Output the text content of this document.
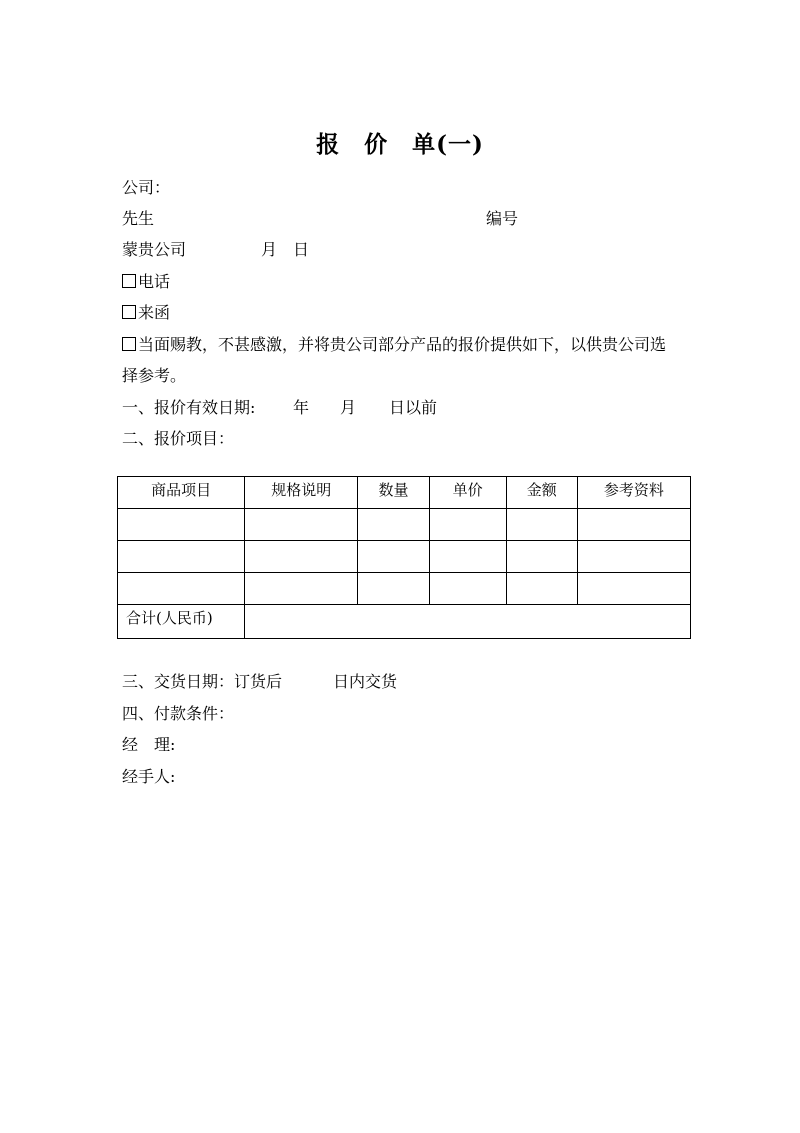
报 价 单(一)
公司：
先生	编号
蒙贵公司	月 日
电话
来函
当面赐教，不甚感激，并将贵公司部分产品的报价提供如下，以供贵公司选
择参考。
一、报价有效日期: 年 月 日以前
二、报价项目：
商品项目	规格说明	数量	单价	金额	参考资料

合计(人民币)					
三、交货日期：订货后	日内交货
四、付款条件：
经　理:
经手人:
